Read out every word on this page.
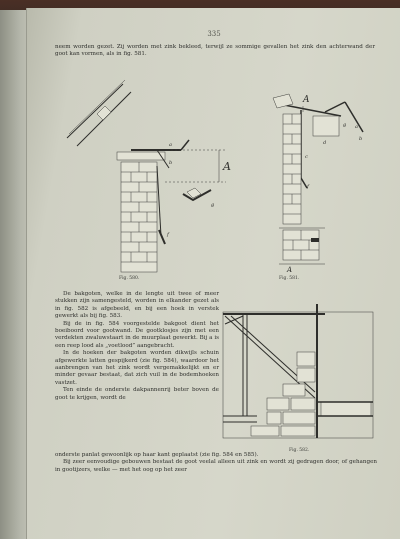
335
neem worden gezet. Zij worden met zink bekleed, terwijl ze sommige gevallen het zink den achterwand der goot kan vormen, als in fig. 581.
A
a
b
f
g
Fig. 580.
g a
b
d
c
f
A
A
Fig. 581.

De bakgoten, welke in de lengte uit twee of meer stukken zijn samengesteld, worden in elkander gezet als in fig. 582 is afgebeeld, en bij een hoek in verstek gewerkt als bij fig. 583.

Bij de in fig. 584 voorgestelde bakgoot dient het boeiboord voor gootwand. De gootklosjes zijn met een verdekten zwaluwstaart in de muurplaat gewerkt. Bij a is een reep lood als „voetlood” aangebracht.

In de hoeken der bakgoten worden dikwijls schuin afgewerkte latten gespijkerd (zie fig. 584), waardoor het aanbrengen van het zink wordt vergemakkelijkt en er minder gevaar bestaat, dat zich vuil in de bodemhoeken vastzet.

Ten einde de onderste dakpannenrij beter boven de goot te krijgen, wordt de

Fig. 582.

onderste panlat gewoonlijk op haar kant geplaatst (zie fig. 584 en 585).

Bij zeer eenvoudige gebouwen bestaat de goot veelal alleen uit zink en wordt zij gedragen door, of gehangen in gootijzers, welke — met het oog op het zeer
